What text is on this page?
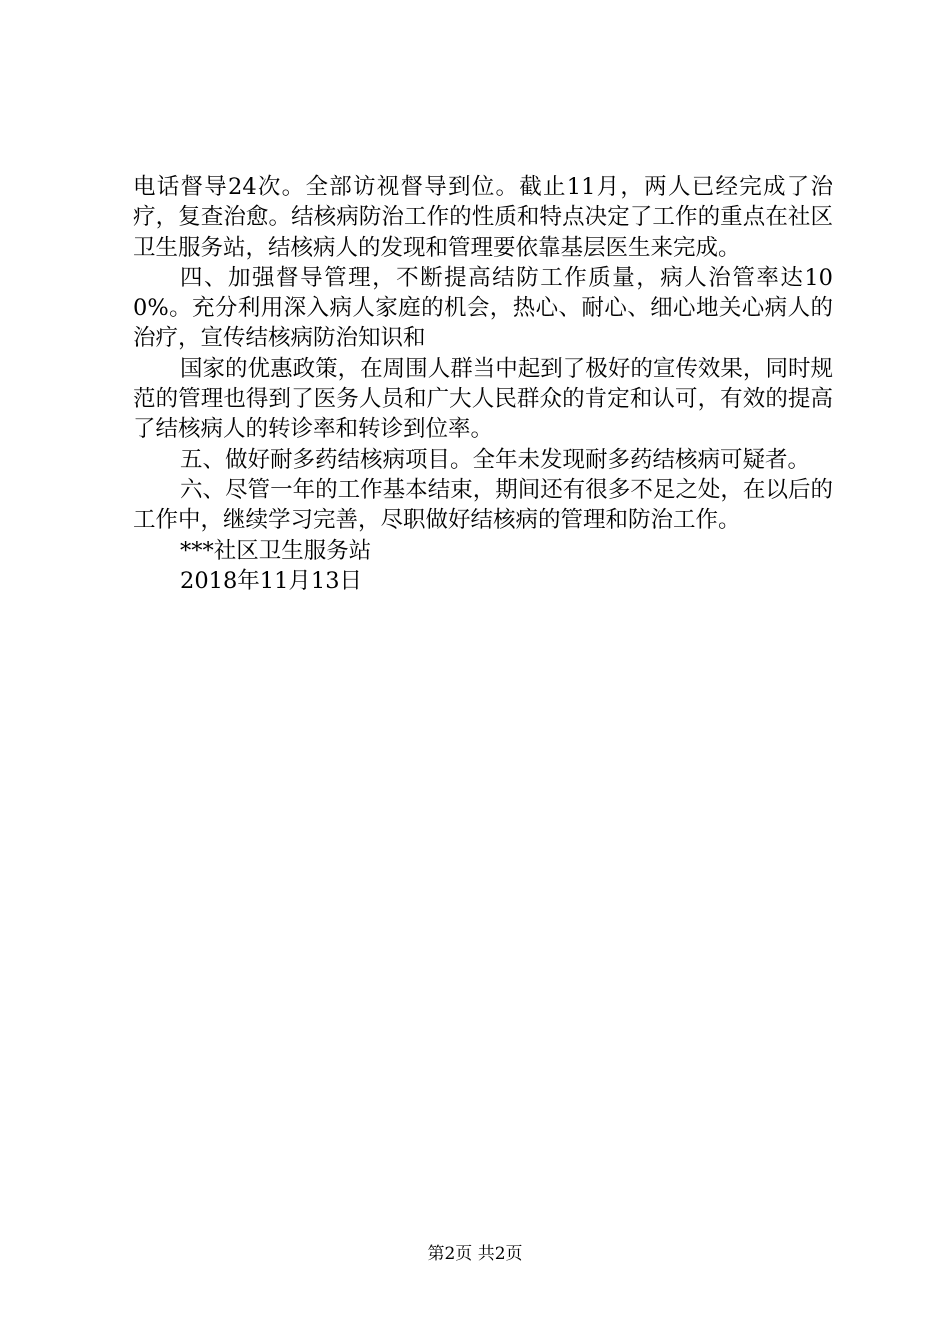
电话督导24次。全部访视督导到位。截止11月，两人已经完成了治疗，复查治愈。结核病防治工作的性质和特点决定了工作的重点在社区卫生服务站，结核病人的发现和管理要依靠基层医生来完成。

四、加强督导管理，不断提高结防工作质量，病人治管率达100%。充分利用深入病人家庭的机会，热心、耐心、细心地关心病人的治疗，宣传结核病防治知识和

国家的优惠政策，在周围人群当中起到了极好的宣传效果，同时规范的管理也得到了医务人员和广大人民群众的肯定和认可，有效的提高了结核病人的转诊率和转诊到位率。

五、做好耐多药结核病项目。全年未发现耐多药结核病可疑者。

六、尽管一年的工作基本结束，期间还有很多不足之处，在以后的工作中，继续学习完善，尽职做好结核病的管理和防治工作。

***社区卫生服务站

2018年11月13日

第2页 共2页
